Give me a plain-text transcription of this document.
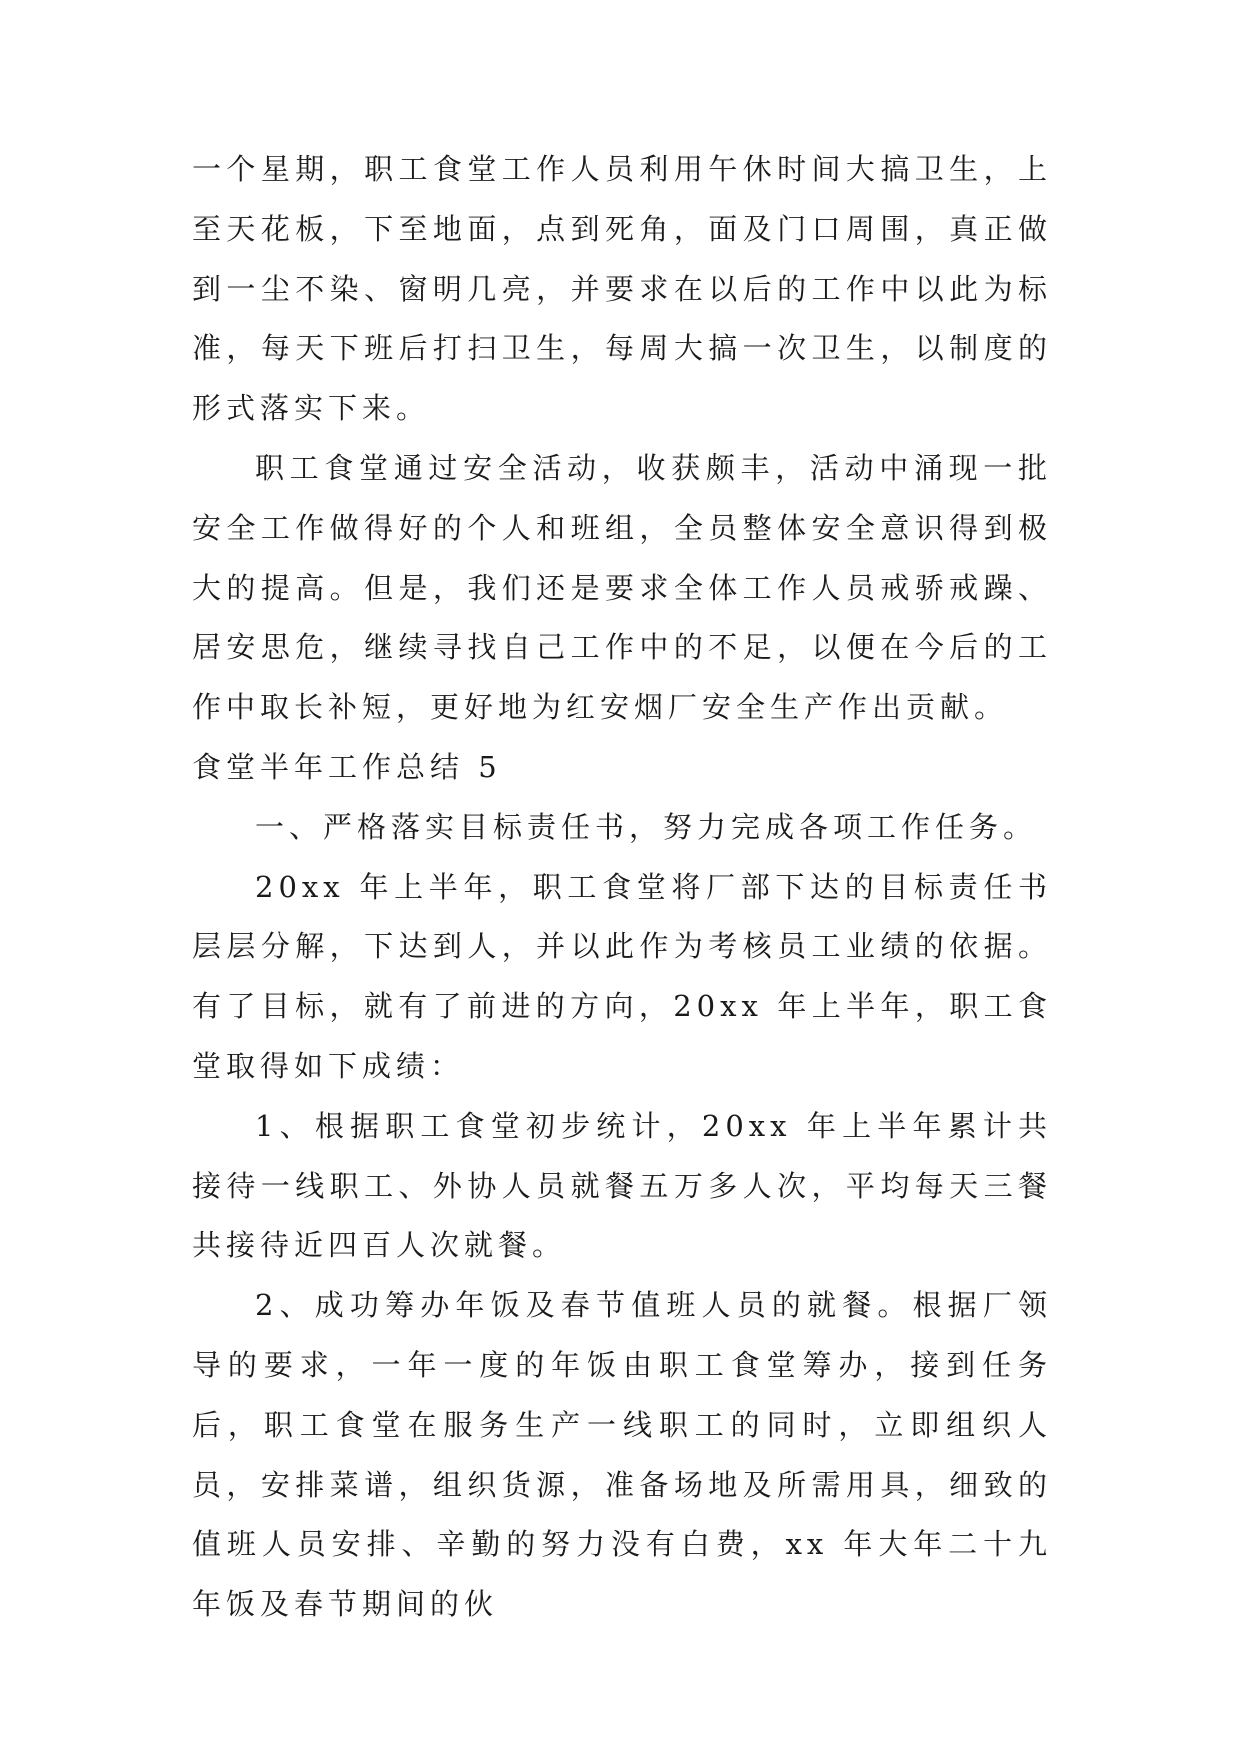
一个星期，职工食堂工作人员利用午休时间大搞卫生，上至天花板，下至地面，点到死角，面及门口周围，真正做到一尘不染、窗明几亮，并要求在以后的工作中以此为标准，每天下班后打扫卫生，每周大搞一次卫生，以制度的形式落实下来。

职工食堂通过安全活动，收获颇丰，活动中涌现一批安全工作做得好的个人和班组，全员整体安全意识得到极大的提高。但是，我们还是要求全体工作人员戒骄戒躁、居安思危，继续寻找自己工作中的不足，以便在今后的工作中取长补短，更好地为红安烟厂安全生产作出贡献。

食堂半年工作总结 5

一、严格落实目标责任书，努力完成各项工作任务。

20xx 年上半年，职工食堂将厂部下达的目标责任书层层分解，下达到人，并以此作为考核员工业绩的依据。有了目标，就有了前进的方向，20xx 年上半年，职工食堂取得如下成绩：

1、根据职工食堂初步统计，20xx 年上半年累计共接待一线职工、外协人员就餐五万多人次，平均每天三餐共接待近四百人次就餐。

2、成功筹办年饭及春节值班人员的就餐。根据厂领导的要求，一年一度的年饭由职工食堂筹办，接到任务后，职工食堂在服务生产一线职工的同时，立即组织人员，安排菜谱，组织货源，准备场地及所需用具，细致的值班人员安排、辛勤的努力没有白费，xx 年大年二十九年饭及春节期间的伙
